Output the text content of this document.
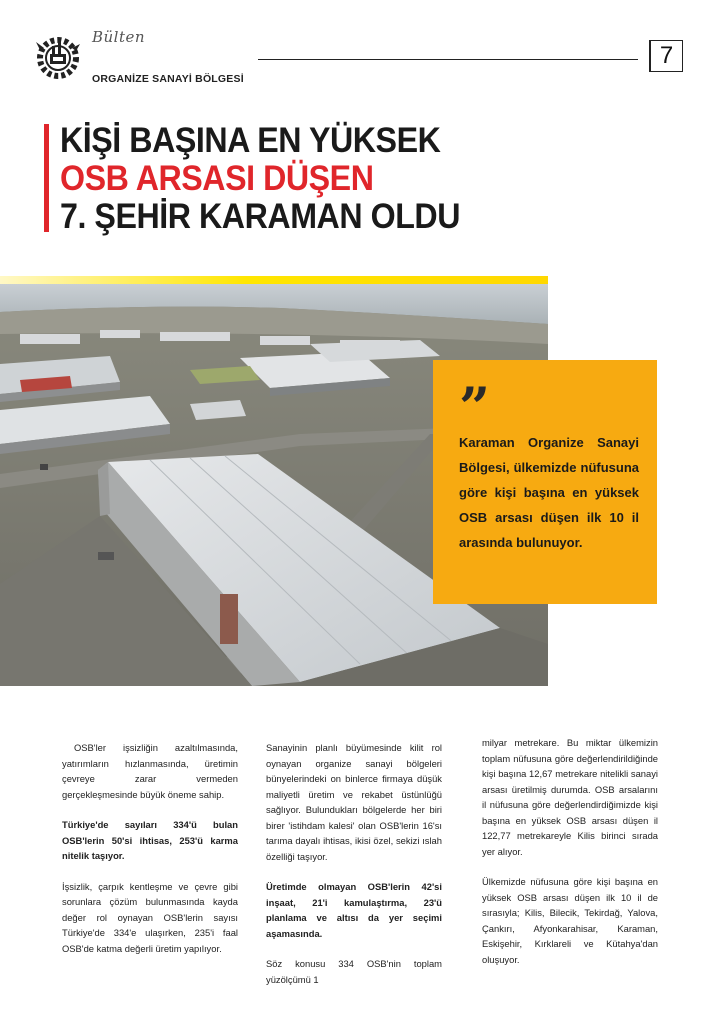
Bülten
ORGANİZE SANAYİ BÖLGESİ
7
KİŞİ BAŞINA EN YÜKSEK
OSB ARSASI DÜŞEN
7. ŞEHİR KARAMAN OLDU
”

Karaman Organize Sanayi Bölgesi, ülkemizde nüfusuna göre kişi başına en yüksek OSB arsası düşen ilk 10 il arasında bulunuyor.

OSB'ler işsizliğin azaltılmasında, yatırımların hızlanmasında, üretimin çevreye zarar vermeden gerçekleşmesinde büyük öneme sahip.

Türkiye'de sayıları 334'ü bulan OSB'lerin 50'si ihtisas, 253'ü karma nitelik taşıyor.

İşsizlik, çarpık kentleşme ve çevre gibi sorunlara çözüm bulunmasında kayda değer rol oynayan OSB'lerin sayısı Türkiye'de 334'e ulaşırken, 235'i faal OSB'de katma değerli üretim yapılıyor.

Sanayinin planlı büyümesinde kilit rol oynayan organize sanayi bölgeleri bünyelerindeki on binlerce firmaya düşük maliyetli üretim ve rekabet üstünlüğü sağlıyor. Bulundukları bölgelerde her biri birer 'istihdam kalesi' olan OSB'lerin 16'sı tarıma dayalı ihtisas, ikisi özel, sekizi ıslah özelliği taşıyor.

Üretimde olmayan OSB'lerin 42'si inşaat, 21'i kamulaştırma, 23'ü planlama ve altısı da yer seçimi aşamasında.

Söz konusu 334 OSB'nin toplam yüzölçümü 1

milyar metrekare. Bu miktar ülkemizin toplam nüfusuna göre değerlendirildiğinde kişi başına 12,67 metrekare nitelikli sanayi arsası üretilmiş durumda. OSB arsalarını il nüfusuna göre değerlendirdiğimizde kişi başına en yüksek OSB arsası düşen il 122,77 metrekareyle Kilis birinci sırada yer alıyor.

Ülkemizde nüfusuna göre kişi başına en yüksek OSB arsası düşen ilk 10 il de sırasıyla; Kilis, Bilecik, Tekirdağ, Yalova, Çankırı, Afyonkarahisar, Karaman, Eskişehir, Kırklareli ve Kütahya'dan oluşuyor.
